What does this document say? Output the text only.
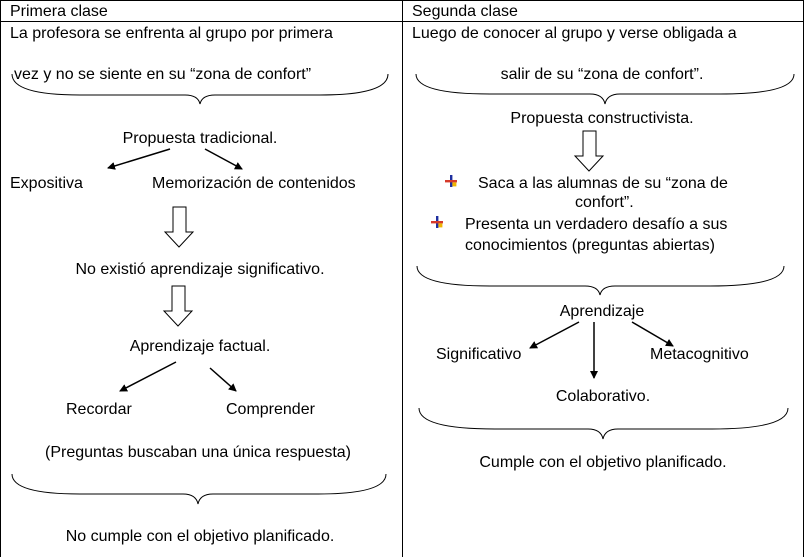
Primera clase	Segunda clase
La profesora se enfrenta al grupo por primera
vez y no se siente en su “zona de confort”
Propuesta tradicional.
Expositiva	Memorización de contenidos
No existió aprendizaje significativo.
Aprendizaje factual.
Recordar	Comprender
(Preguntas buscaban una única respuesta)
No cumple con el objetivo planificado.
Luego de conocer al grupo y verse obligada a
salir de su “zona de confort”.
Propuesta constructivista.
Saca a las alumnas de su “zona de
confort”.
Presenta un verdadero desafío a sus
conocimientos (preguntas abiertas)
Aprendizaje
Significativo	Metacognitivo
Colaborativo.
Cumple con el objetivo planificado.
